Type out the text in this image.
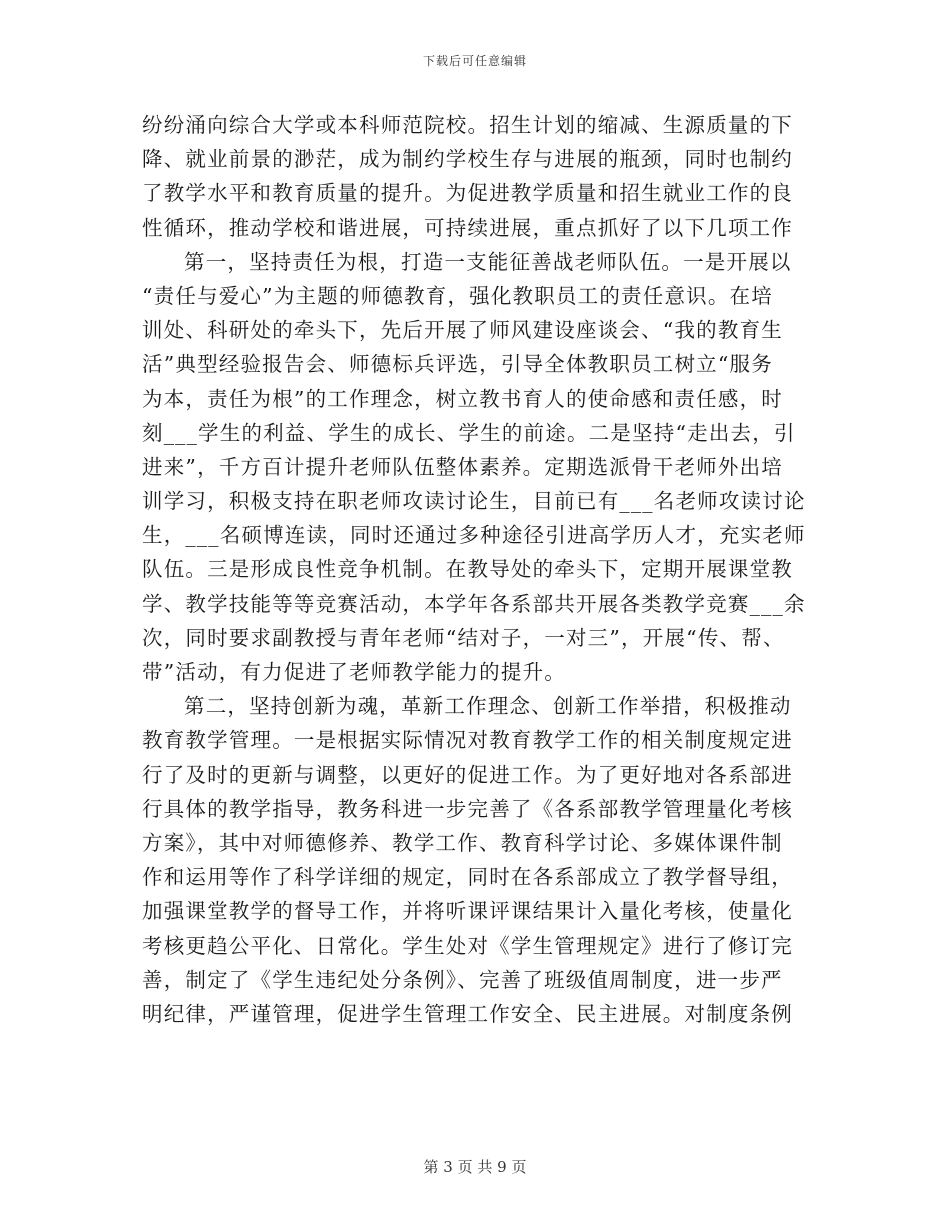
下载后可任意编辑
纷纷涌向综合大学或本科师范院校。招生计划的缩减、生源质量的下
降、就业前景的渺茫，成为制约学校生存与进展的瓶颈，同时也制约
了教学水平和教育质量的提升。为促进教学质量和招生就业工作的良
性循环，推动学校和谐进展，可持续进展，重点抓好了以下几项工作
第一，坚持责任为根，打造一支能征善战老师队伍。一是开展以
“责任与爱心”为主题的师德教育，强化教职员工的责任意识。在培
训处、科研处的牵头下，先后开展了师风建设座谈会、“我的教育生
活”典型经验报告会、师德标兵评选，引导全体教职员工树立“服务
为本，责任为根”的工作理念，树立教书育人的使命感和责任感，时
刻___学生的利益、学生的成长、学生的前途。二是坚持“走出去，引
进来”，千方百计提升老师队伍整体素养。定期选派骨干老师外出培
训学习，积极支持在职老师攻读讨论生，目前已有___名老师攻读讨论
生，___名硕博连读，同时还通过多种途径引进高学历人才，充实老师
队伍。三是形成良性竞争机制。在教导处的牵头下，定期开展课堂教
学、教学技能等等竞赛活动，本学年各系部共开展各类教学竞赛___余
次，同时要求副教授与青年老师“结对子，一对三”，开展“传、帮、
带”活动，有力促进了老师教学能力的提升。
第二，坚持创新为魂，革新工作理念、创新工作举措，积极推动
教育教学管理。一是根据实际情况对教育教学工作的相关制度规定进
行了及时的更新与调整，以更好的促进工作。为了更好地对各系部进
行具体的教学指导，教务科进一步完善了《各系部教学管理量化考核
方案》，其中对师德修养、教学工作、教育科学讨论、多媒体课件制
作和运用等作了科学详细的规定，同时在各系部成立了教学督导组，
加强课堂教学的督导工作，并将听课评课结果计入量化考核，使量化
考核更趋公平化、日常化。学生处对《学生管理规定》进行了修订完
善，制定了《学生违纪处分条例》、完善了班级值周制度，进一步严
明纪律，严谨管理，促进学生管理工作安全、民主进展。对制度条例
第 3 页 共 9 页
